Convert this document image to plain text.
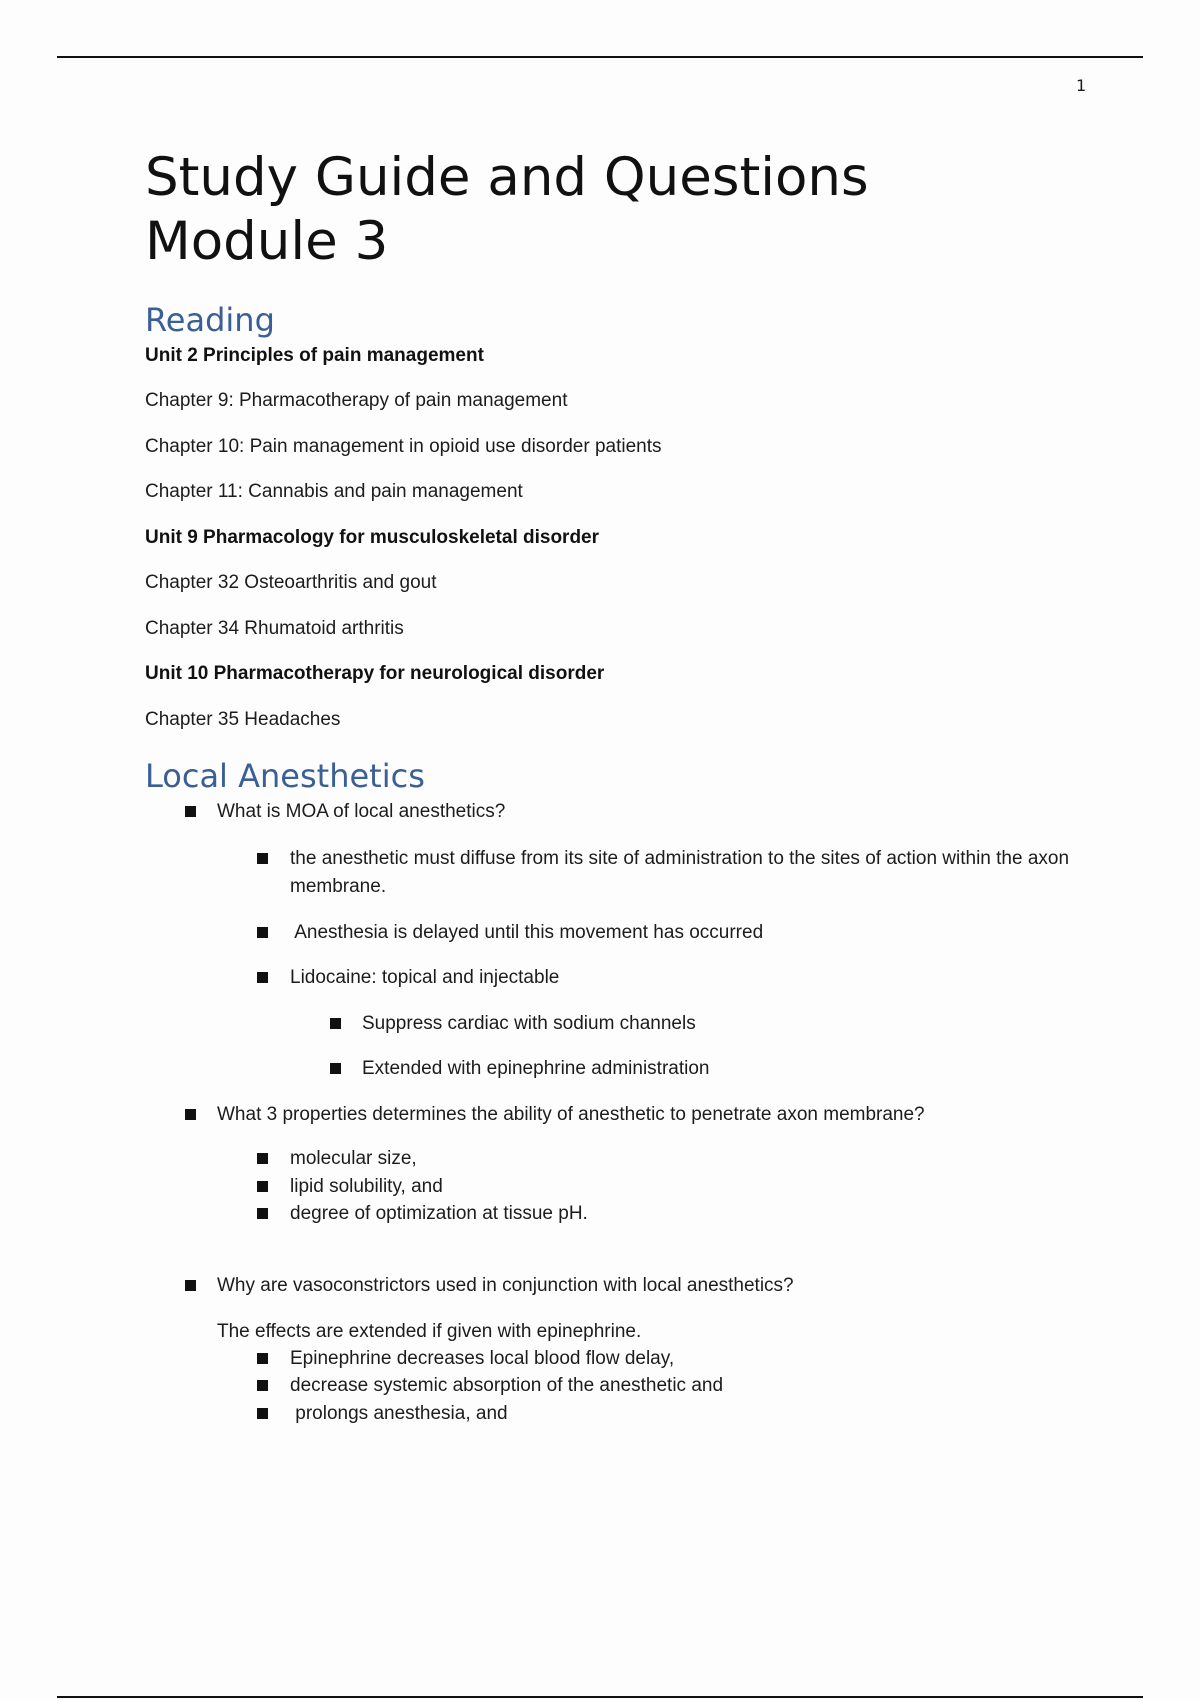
1
Study Guide and Questions
Module 3
Reading
Unit 2 Principles of pain management
Chapter 9: Pharmacotherapy of pain management
Chapter 10: Pain management in opioid use disorder patients
Chapter 11: Cannabis and pain management
Unit 9 Pharmacology for musculoskeletal disorder
Chapter 32 Osteoarthritis and gout
Chapter 34 Rhumatoid arthritis
Unit 10 Pharmacotherapy for neurological disorder
Chapter 35 Headaches
Local Anesthetics
What is MOA of local anesthetics?
the anesthetic must diffuse from its site of administration to the sites of action within the axon membrane.
Anesthesia is delayed until this movement has occurred
Lidocaine: topical and injectable
Suppress cardiac with sodium channels
Extended with epinephrine administration
What 3 properties determines the ability of anesthetic to penetrate axon membrane?
molecular size,
lipid solubility, and
degree of optimization at tissue pH.
Why are vasoconstrictors used in conjunction with local anesthetics?
The effects are extended if given with epinephrine.
Epinephrine decreases local blood flow delay,
decrease systemic absorption of the anesthetic and
prolongs anesthesia, and
